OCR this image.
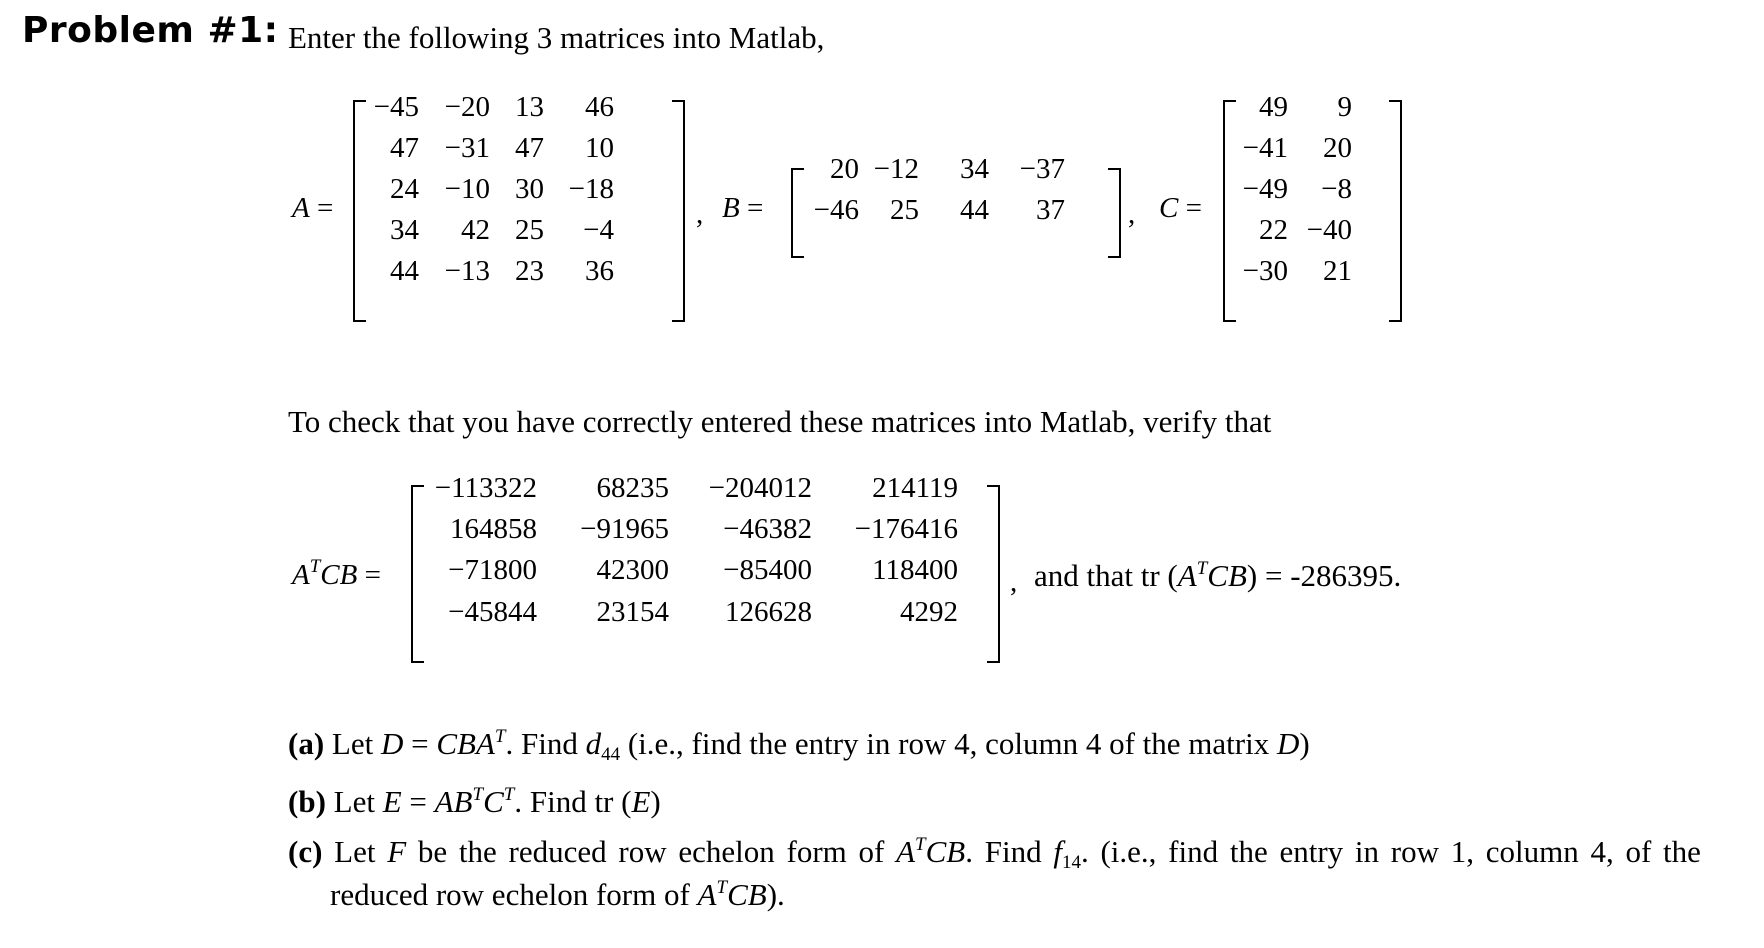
Problem #1: Enter the following 3 matrices into Matlab,
A =
−45 −20 13 46
47 −31 47 10
24 −10 30 −18
34 42 25 −4
44 −13 23 36
, B =
20 −12 34 −37
−46 25 44 37 , C =
49 9
−41 20
−49 −8
22 −40
−30 21
To check that you have correctly entered these matrices into Matlab, verify that
$A^TCB$ =
−113322 68235 −204012 214119
164858 −91965 −46382 −176416
−71800 42300 −85400 118400
−45844 23154 126628	4292
, and that tr $(A^TCB) = -286395$.
(a) Let $D = CBA^T$. Find $d_{44}$ (i.e., find the entry in row 4, column 4 of the matrix D)
(b) Let $E = AB^TC^T$. Find tr (E)
(c) Let F be the reduced row echelon form of $A^TCB$. Find $f_{14}$. (i.e., find the entry in row 1, column 4, of the
reduced row echelon form of $A^TCB$).
